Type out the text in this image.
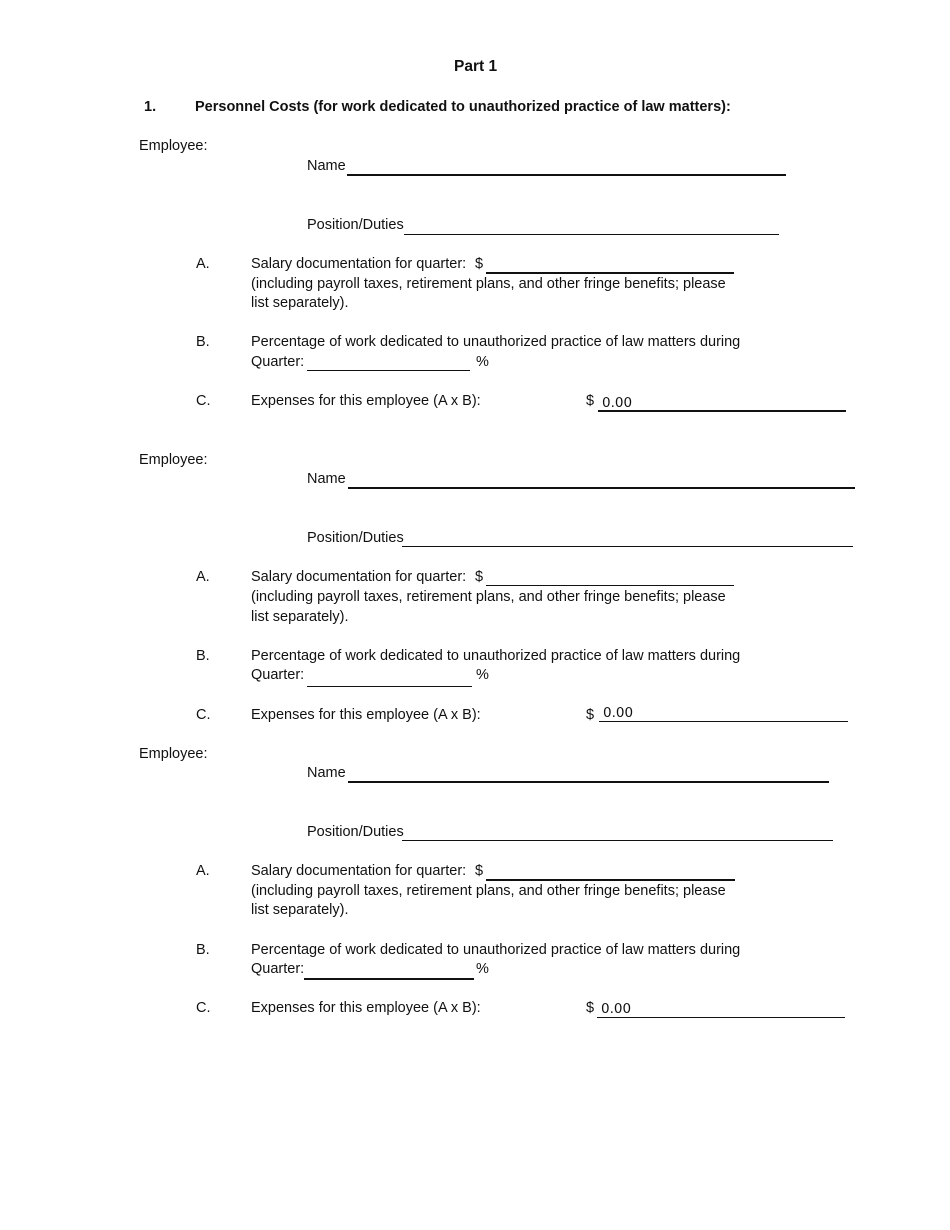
Part 1
1.	Personnel Costs (for work dedicated to unauthorized practice of law matters):
Employee:
Name
Position/Duties
A.	Salary documentation for quarter: $
(including payroll taxes, retirement plans, and other fringe benefits; please
list separately).
B.	Percentage of work dedicated to unauthorized practice of law matters during
Quarter:	%
C.	Expenses for this employee (A x B):	$ 0.00
Employee:
Name
Position/Duties
A.	Salary documentation for quarter: $
(including payroll taxes, retirement plans, and other fringe benefits; please
list separately).
B.	Percentage of work dedicated to unauthorized practice of law matters during
Quarter:	%
C.	Expenses for this employee (A x B):	$ 0.00
Employee:
Name
Position/Duties
A.	Salary documentation for quarter: $
(including payroll taxes, retirement plans, and other fringe benefits; please
list separately).
B.	Percentage of work dedicated to unauthorized practice of law matters during
Quarter:	%
C.	Expenses for this employee (A x B):	$ 0.00
